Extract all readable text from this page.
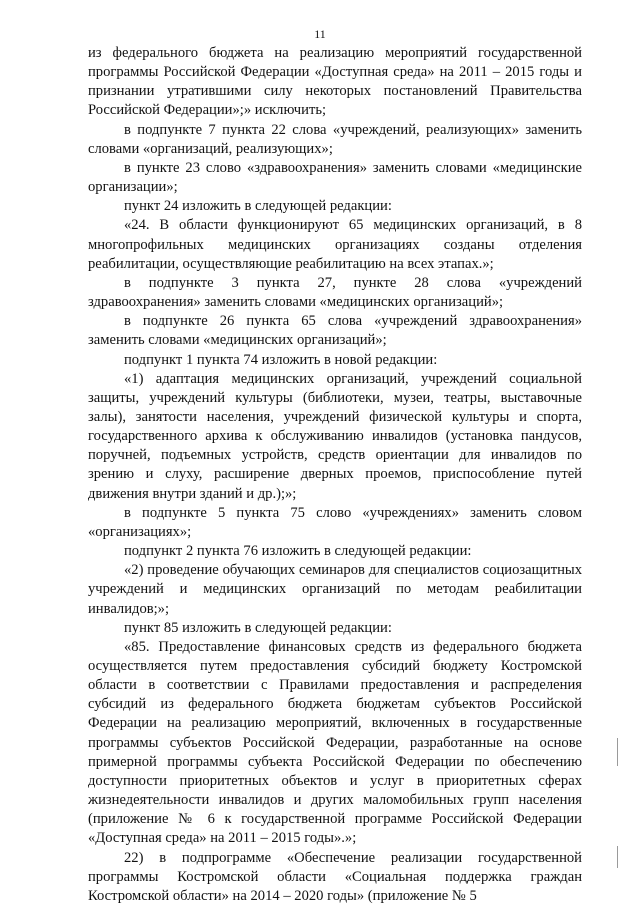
11

из федерального бюджета на реализацию мероприятий государственной программы Российской Федерации «Доступная среда» на 2011 – 2015 годы и признании утратившими силу некоторых постановлений Правительства Российской Федерации»;» исключить;

в подпункте 7 пункта 22 слова «учреждений, реализующих» заменить словами «организаций, реализующих»;

в пункте 23 слово «здравоохранения» заменить словами «медицинские организации»;

пункт 24 изложить в следующей редакции:

«24. В области функционируют 65 медицинских организаций, в 8 многопрофильных медицинских организациях созданы отделения реабилитации, осуществляющие реабилитацию на всех этапах.»;

в подпункте 3 пункта 27, пункте 28 слова «учреждений здравоохранения» заменить словами «медицинских организаций»;

в подпункте 26 пункта 65 слова «учреждений здравоохранения» заменить словами «медицинских организаций»;

подпункт 1 пункта 74 изложить в новой редакции:

«1) адаптация медицинских организаций, учреждений социальной защиты, учреждений культуры (библиотеки, музеи, театры, выставочные залы), занятости населения, учреждений физической культуры и спорта, государственного архива к обслуживанию инвалидов (установка пандусов, поручней, подъемных устройств, средств ориентации для инвалидов по зрению и слуху, расширение дверных проемов, приспособление путей движения внутри зданий и др.);»;

в подпункте 5 пункта 75 слово «учреждениях» заменить словом «организациях»;

подпункт 2 пункта 76 изложить в следующей редакции:

«2) проведение обучающих семинаров для специалистов социозащитных учреждений и медицинских организаций по методам реабилитации инвалидов;»;

пункт 85 изложить в следующей редакции:

«85. Предоставление финансовых средств из федерального бюджета осуществляется путем предоставления субсидий бюджету Костромской области в соответствии с Правилами предоставления и распределения субсидий из федерального бюджета бюджетам субъектов Российской Федерации на реализацию мероприятий, включенных в государственные программы субъектов Российской Федерации, разработанные на основе примерной программы субъекта Российской Федерации по обеспечению доступности приоритетных объектов и услуг в приоритетных сферах жизнедеятельности инвалидов и других маломобильных групп населения (приложение № 6 к государственной программе Российской Федерации «Доступная среда» на 2011 – 2015 годы».»;

22) в подпрограмме «Обеспечение реализации государственной программы Костромской области «Социальная поддержка граждан Костромской области» на 2014 – 2020 годы» (приложение № 5
